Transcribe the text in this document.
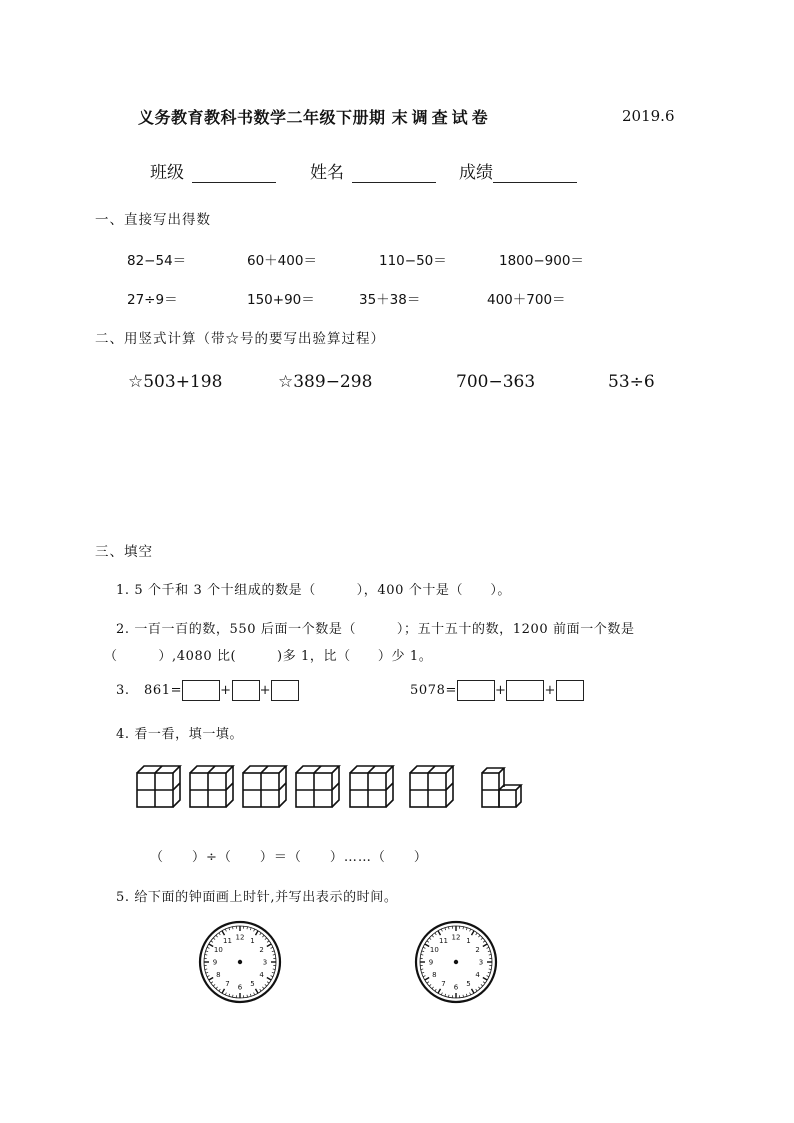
义务教育教科书数学二年级下册期 末调查试卷	2019.6
班级	姓名	成绩
一、直接写出得数
82−54＝	60＋400＝	110−50＝	1800−900＝
27÷9＝	150+90＝	35＋38＝	400＋700＝
二、用竖式计算（带☆号的要写出验算过程）
☆503+198	☆389−298	700−363	53÷6
三、填空
1. 5 个千和 3 个十组成的数是（　　　），400 个十是（　　）。
2. 一百一百的数，550 后面一个数是（　　　）；五十五十的数，1200 前面一个数是
（　　　）,4080 比(　　　)多 1，比（　　）少 1。
3. 861=	+ +	5078=	+	+
4. 看一看，填一填。
（　　）÷（　　）＝（　　）……（　　）
5. 给下面的钟面画上时针,并写出表示的时间。
12 1
2
3
4
5
6
7
8
9
10
11	12 1
2
3
4
5
6
7
8
9
10
11
